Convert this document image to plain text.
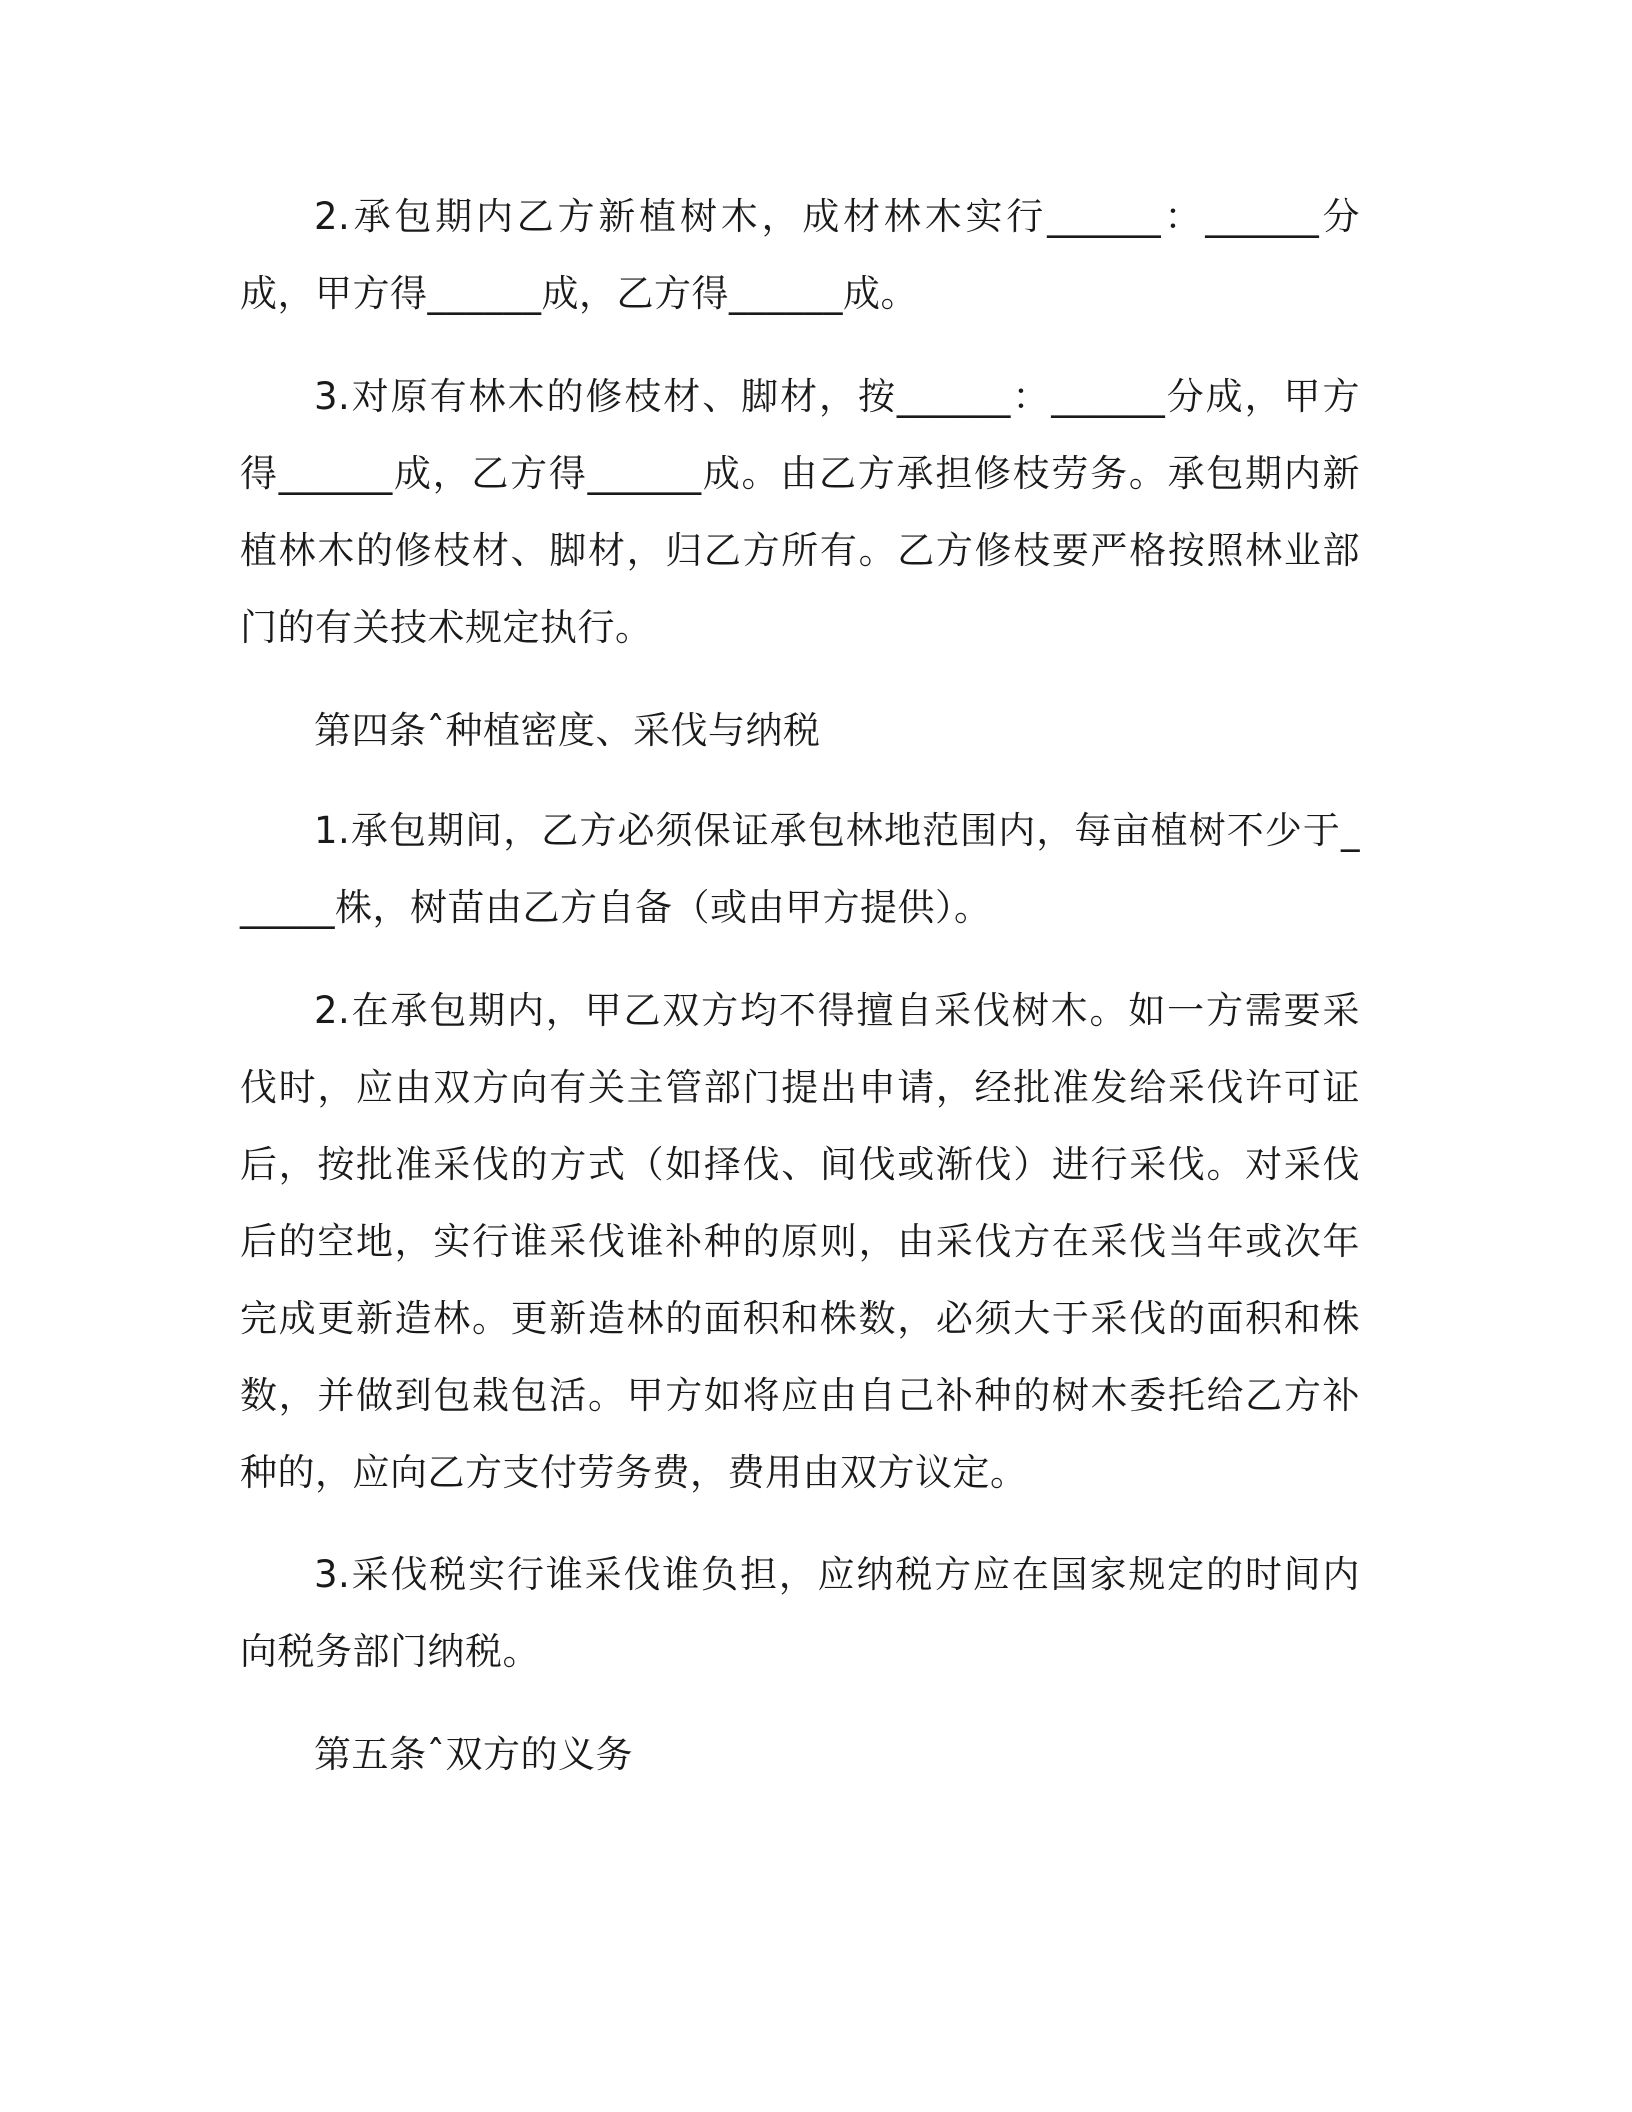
2.承包期内乙方新植树木，成材林木实行______：______分成，甲方得______成，乙方得______成。

3.对原有林木的修枝材、脚材，按______：______分成，甲方得______成，乙方得______成。由乙方承担修枝劳务。承包期内新植林木的修枝材、脚材，归乙方所有。乙方修枝要严格按照林业部门的有关技术规定执行。

第四条ˆ种植密度、采伐与纳税

1.承包期间，乙方必须保证承包林地范围内，每亩植树不少于______株，树苗由乙方自备（或由甲方提供）。

2.在承包期内，甲乙双方均不得擅自采伐树木。如一方需要采伐时，应由双方向有关主管部门提出申请，经批准发给采伐许可证后，按批准采伐的方式（如择伐、间伐或渐伐）进行采伐。对采伐后的空地，实行谁采伐谁补种的原则，由采伐方在采伐当年或次年完成更新造林。更新造林的面积和株数，必须大于采伐的面积和株数，并做到包栽包活。甲方如将应由自己补种的树木委托给乙方补种的，应向乙方支付劳务费，费用由双方议定。

3.采伐税实行谁采伐谁负担，应纳税方应在国家规定的时间内向税务部门纳税。

第五条ˆ双方的义务
